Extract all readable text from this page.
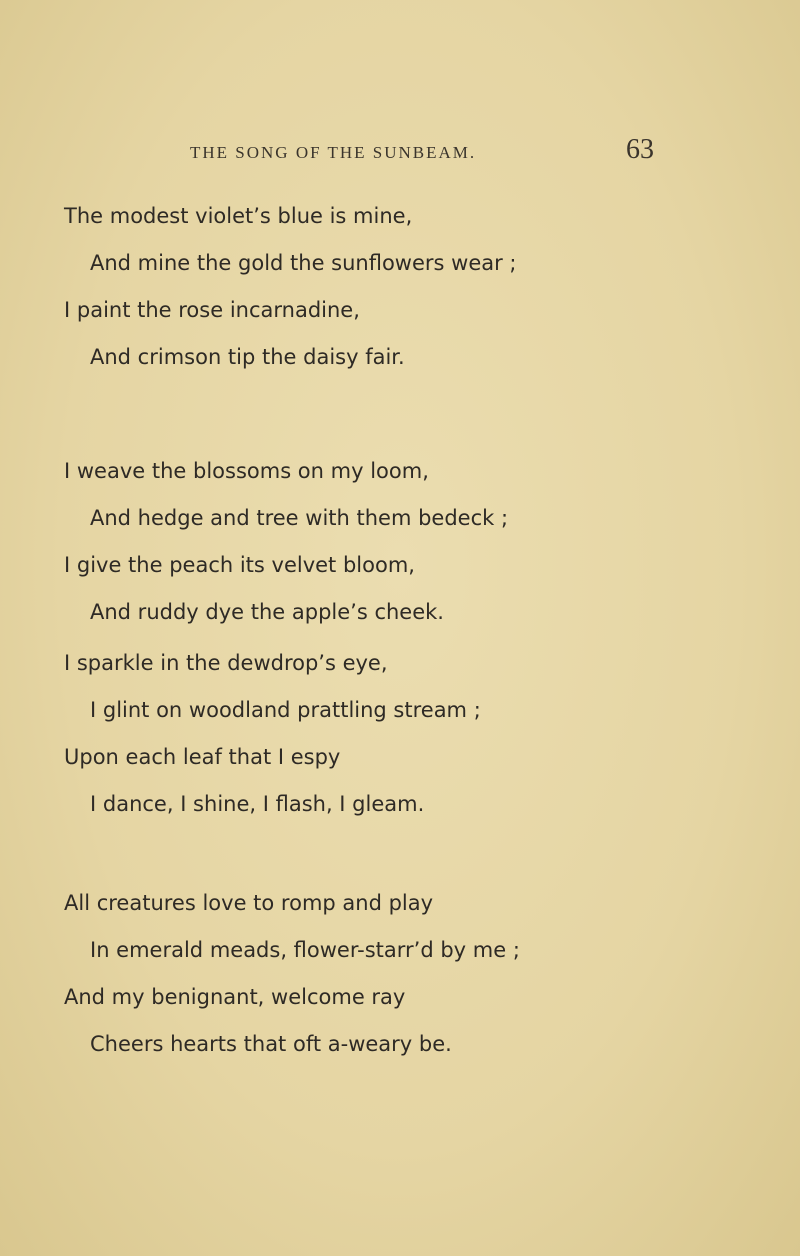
THE SONG OF THE SUNBEAM.	63
The modest violet’s blue is mine,
And mine the gold the sunflowers wear ;
I paint the rose incarnadine,
And crimson tip the daisy fair.
I weave the blossoms on my loom,
And hedge and tree with them bedeck ;
I give the peach its velvet bloom,
And ruddy dye the apple’s cheek.
I sparkle in the dewdrop’s eye,
I glint on woodland prattling stream ;
Upon each leaf that I espy
I dance, I shine, I flash, I gleam.
All creatures love to romp and play
In emerald meads, flower-starr’d by me ;
And my benignant, welcome ray
Cheers hearts that oft a-weary be.
